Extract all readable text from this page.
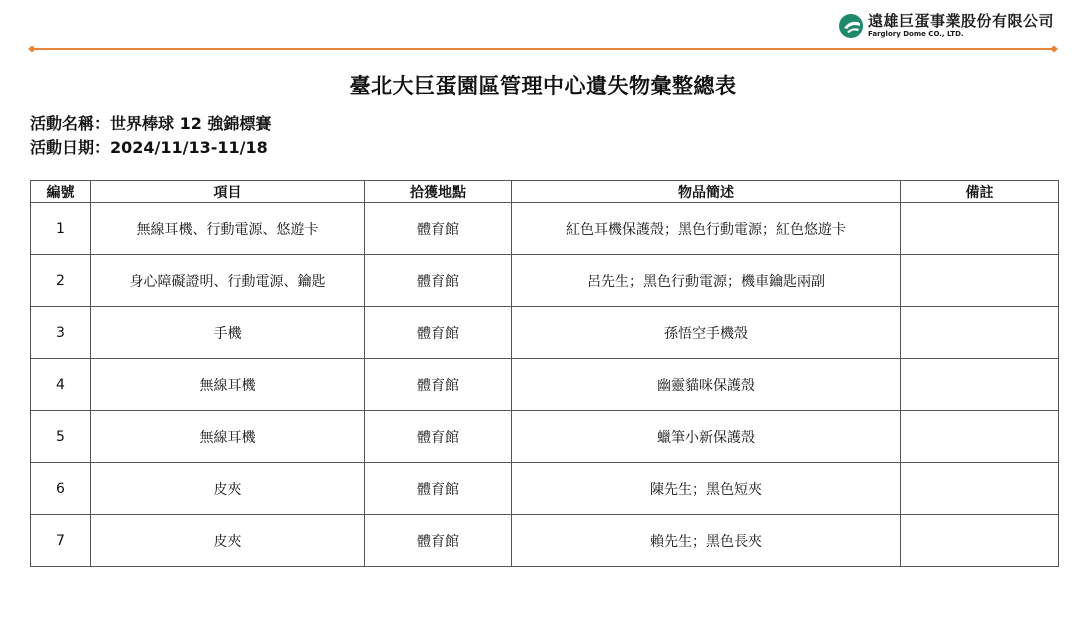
遠雄巨蛋事業股份有限公司
Farglory Dome CO., LTD.
臺北大巨蛋園區管理中心遺失物彙整總表
活動名稱：世界棒球 12 強錦標賽
活動日期：2024/11/13-11/18
編號	項目	拾獲地點	物品簡述	備註
1	無線耳機、行動電源、悠遊卡	體育館	紅色耳機保護殼；黑色行動電源；紅色悠遊卡	
2	身心障礙證明、行動電源、鑰匙	體育館	呂先生；黑色行動電源；機車鑰匙兩副	
3	手機	體育館	孫悟空手機殼	
4	無線耳機	體育館	幽靈貓咪保護殼	
5	無線耳機	體育館	蠟筆小新保護殼	
6	皮夾	體育館	陳先生；黑色短夾	
7	皮夾	體育館	賴先生；黑色長夾	
